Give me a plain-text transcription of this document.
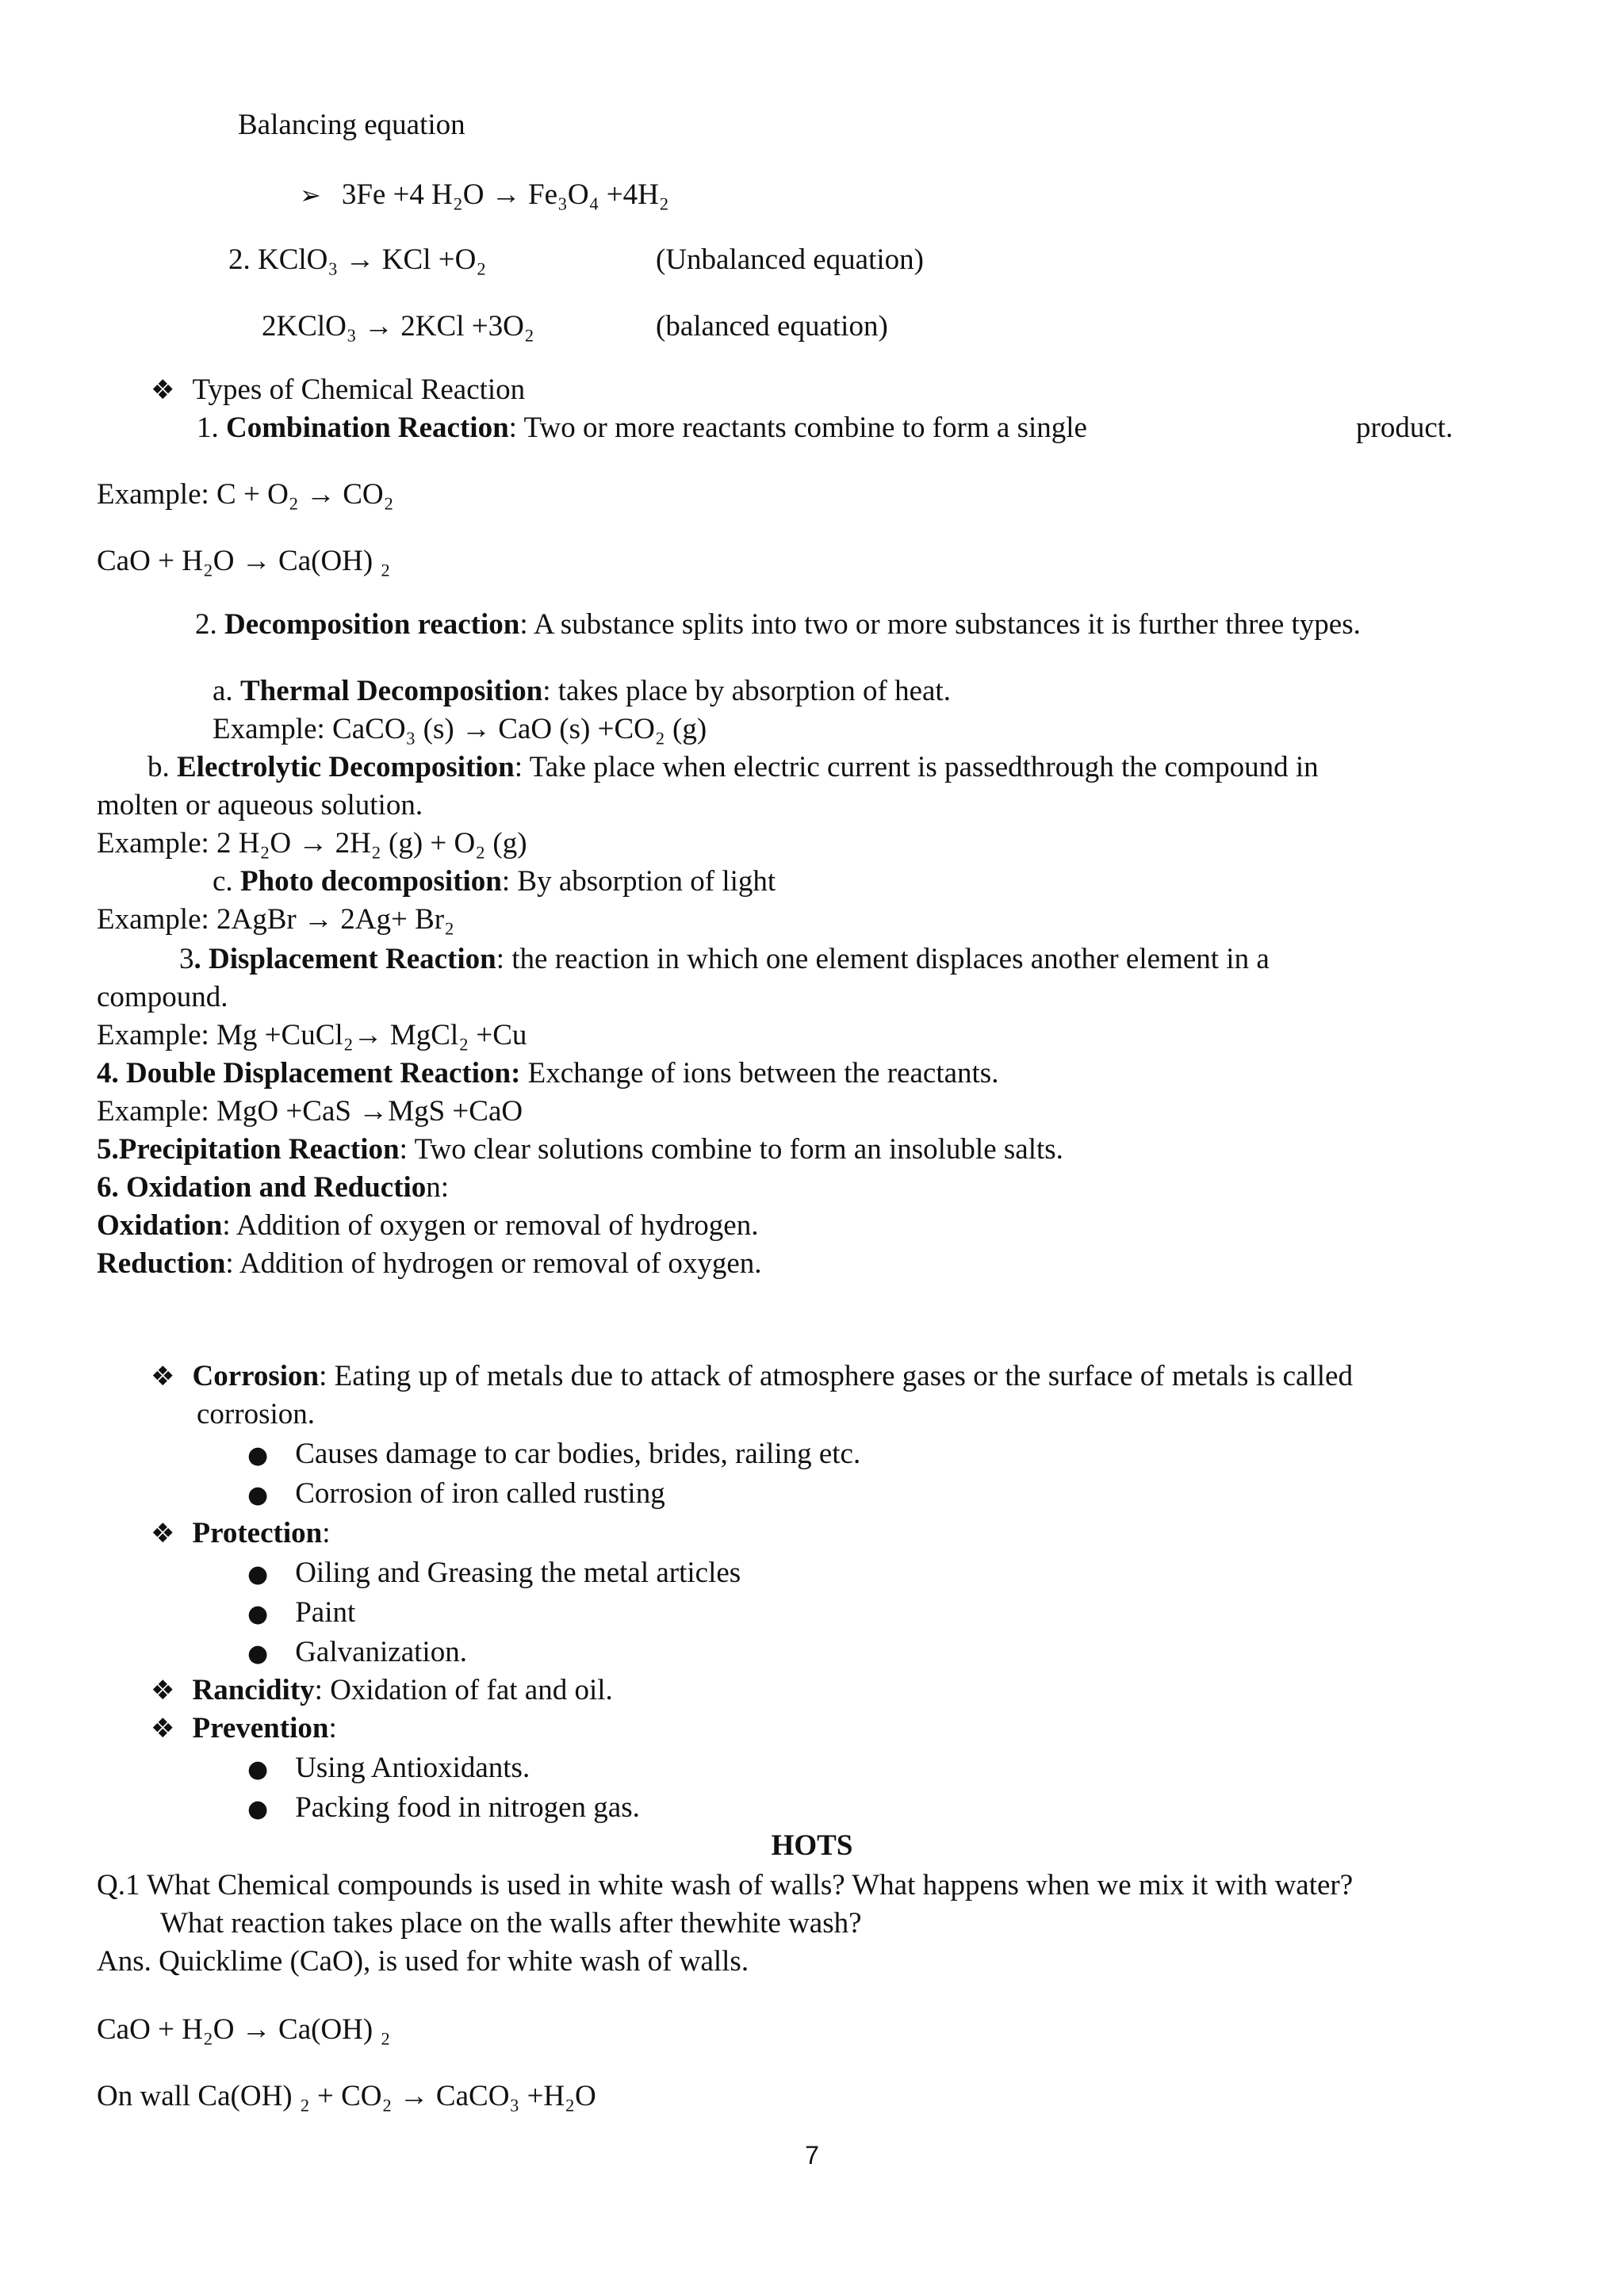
Balancing equation
➢ 3Fe +4 H₂O → Fe₃O₄ +4H₂
2. KClO₃ → KCl +O₂	(Unbalanced equation)
2KClO₃ → 2KCl +3O₂	(balanced equation)
❖ Types of Chemical Reaction
1. Combination Reaction: Two or more reactants combine to form a single	product.
Example: C + O₂ → CO₂
CaO + H₂O → Ca(OH) ₂
2. Decomposition reaction: A substance splits into two or more substances it is further three types.
a. Thermal Decomposition: takes place by absorption of heat.
Example: CaCO₃ (s) → CaO (s) +CO₂ (g)
b. Electrolytic Decomposition: Take place when electric current is passedthrough the compound in
molten or aqueous solution.
Example: 2 H₂O → 2H₂ (g) + O₂ (g)
c. Photo decomposition: By absorption of light
Example: 2AgBr → 2Ag+ Br₂
3. Displacement Reaction: the reaction in which one element displaces another element in a
compound.
Example: Mg +CuCl₂→ MgCl₂ +Cu
4. Double Displacement Reaction: Exchange of ions between the reactants.
Example: MgO +CaS →MgS +CaO
5.Precipitation Reaction: Two clear solutions combine to form an insoluble salts.
6. Oxidation and Reduction:
Oxidation: Addition of oxygen or removal of hydrogen.
Reduction: Addition of hydrogen or removal of oxygen.
❖ Corrosion: Eating up of metals due to attack of atmosphere gases or the surface of metals is called
corrosion.
● Causes damage to car bodies, brides, railing etc.
● Corrosion of iron called rusting
❖ Protection:
● Oiling and Greasing the metal articles
● Paint
● Galvanization.
❖ Rancidity: Oxidation of fat and oil.
❖ Prevention:
● Using Antioxidants.
● Packing food in nitrogen gas.
HOTS
Q.1 What Chemical compounds is used in white wash of walls? What happens when we mix it with water?
What reaction takes place on the walls after thewhite wash?
Ans. Quicklime (CaO), is used for white wash of walls.
CaO + H₂O → Ca(OH) ₂
On wall Ca(OH) ₂ + CO₂ → CaCO₃ +H₂O
7
